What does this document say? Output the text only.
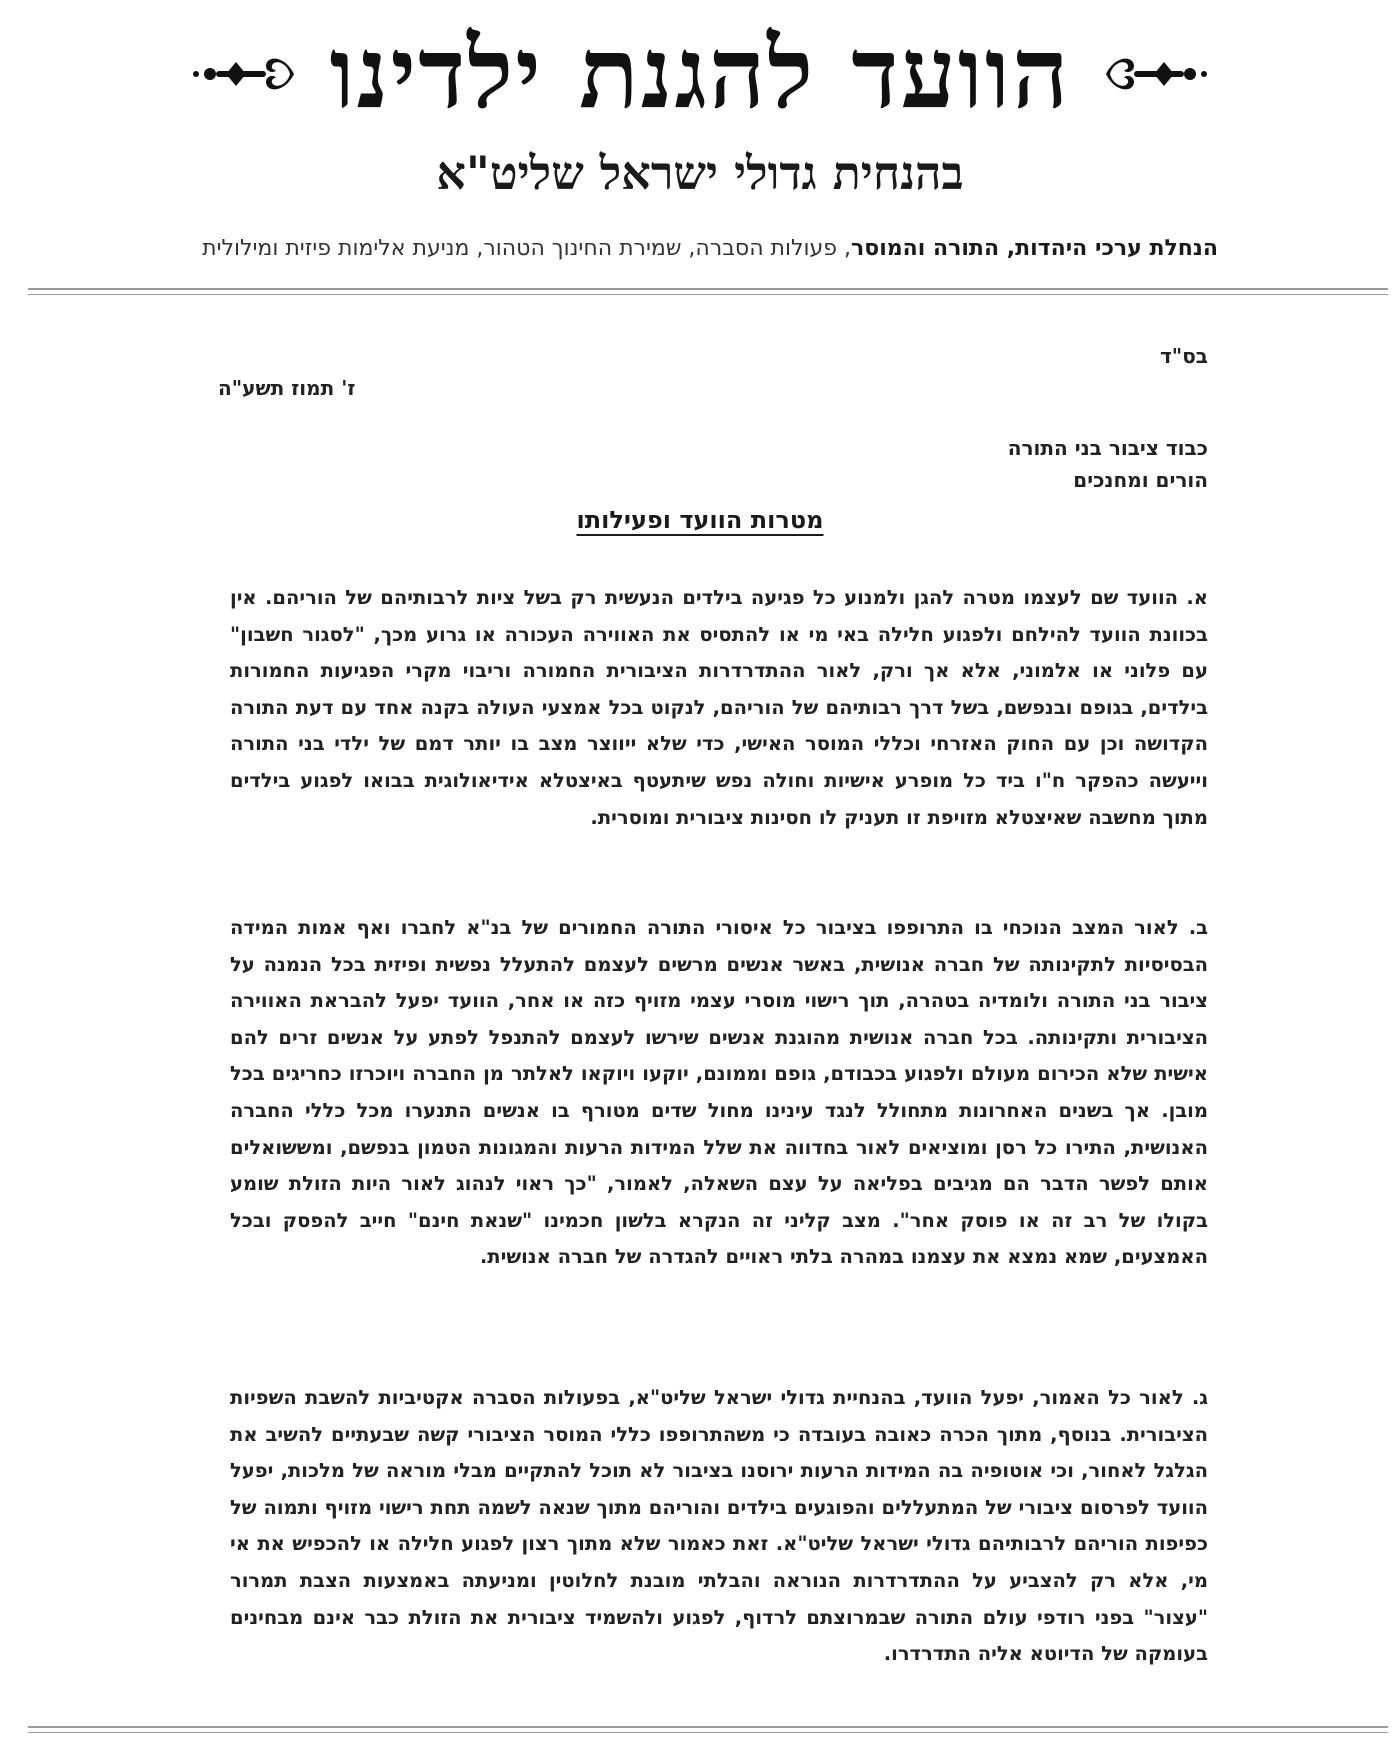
הוועד להגנת ילדינו
בהנחית גדולי ישראל שליט"א
הנחלת ערכי היהדות, התורה והמוסר, פעולות הסברה, שמירת החינוך הטהור, מניעת אלימות פיזית ומילולית
בס"ד
ז' תמוז תשע"ה
כבוד ציבור בני התורה
הורים ומחנכים
מטרות הוועד ופעילותו
א. הוועד שם לעצמו מטרה להגן ולמנוע כל פגיעה בילדים הנעשית רק בשל ציות לרבותיהם של הוריהם. אין בכוונת הוועד להילחם ולפגוע חלילה באי מי או להתסיס את האווירה העכורה או גרוע מכך, "לסגור חשבון" עם פלוני או אלמוני, אלא אך ורק, לאור ההתדרדרות הציבורית החמורה וריבוי מקרי הפגיעות החמורות בילדים, בגופם ובנפשם, בשל דרך רבותיהם של הוריהם, לנקוט בכל אמצעי העולה בקנה אחד עם דעת התורה הקדושה וכן עם החוק האזרחי וכללי המוסר האישי, כדי שלא ייווצר מצב בו יותר דמם של ילדי בני התורה וייעשה כהפקר ח"ו ביד כל מופרע אישיות וחולה נפש שיתעטף באיצטלא אידיאולוגית בבואו לפגוע בילדים מתוך מחשבה שאיצטלא מזויפת זו תעניק לו חסינות ציבורית ומוסרית.
ב. לאור המצב הנוכחי בו התרופפו בציבור כל איסורי התורה החמורים של בנ"א לחברו ואף אמות המידה הבסיסיות לתקינותה של חברה אנושית, באשר אנשים מרשים לעצמם להתעלל נפשית ופיזית בכל הנמנה על ציבור בני התורה ולומדיה בטהרה, תוך רישוי מוסרי עצמי מזויף כזה או אחר, הוועד יפעל להבראת האווירה הציבורית ותקינותה. בכל חברה אנושית מהוגנת אנשים שירשו לעצמם להתנפל לפתע על אנשים זרים להם אישית שלא הכירום מעולם ולפגוע בכבודם, גופם וממונם, יוקעו ויוקאו לאלתר מן החברה ויוכרזו כחריגים בכל מובן. אך בשנים האחרונות מתחולל לנגד עינינו מחול שדים מטורף בו אנשים התנערו מכל כללי החברה האנושית, התירו כל רסן ומוציאים לאור בחדווה את שלל המידות הרעות והמגונות הטמון בנפשם, ומששואלים אותם לפשר הדבר הם מגיבים בפליאה על עצם השאלה, לאמור, "כך ראוי לנהוג לאור היות הזולת שומע בקולו של רב זה או פוסק אחר". מצב קליני זה הנקרא בלשון חכמינו "שנאת חינם" חייב להפסק ובכל האמצעים, שמא נמצא את עצמנו במהרה בלתי ראויים להגדרה של חברה אנושית.
ג. לאור כל האמור, יפעל הוועד, בהנחיית גדולי ישראל שליט"א, בפעולות הסברה אקטיביות להשבת השפיות הציבורית. בנוסף, מתוך הכרה כאובה בעובדה כי משהתרופפו כללי המוסר הציבורי קשה שבעתיים להשיב את הגלגל לאחור, וכי אוטופיה בה המידות הרעות ירוסנו בציבור לא תוכל להתקיים מבלי מוראה של מלכות, יפעל הוועד לפרסום ציבורי של המתעללים והפוגעים בילדים והוריהם מתוך שנאה לשמה תחת רישוי מזויף ותמוה של כפיפות הוריהם לרבותיהם גדולי ישראל שליט"א. זאת כאמור שלא מתוך רצון לפגוע חלילה או להכפיש את אי מי, אלא רק להצביע על ההתדרדרות הנוראה והבלתי מובנת לחלוטין ומניעתה באמצעות הצבת תמרור "עצור" בפני רודפי עולם התורה שבמרוצתם לרדוף, לפגוע ולהשמיד ציבורית את הזולת כבר אינם מבחינים בעומקה של הדיוטא אליה התדרדרו.
